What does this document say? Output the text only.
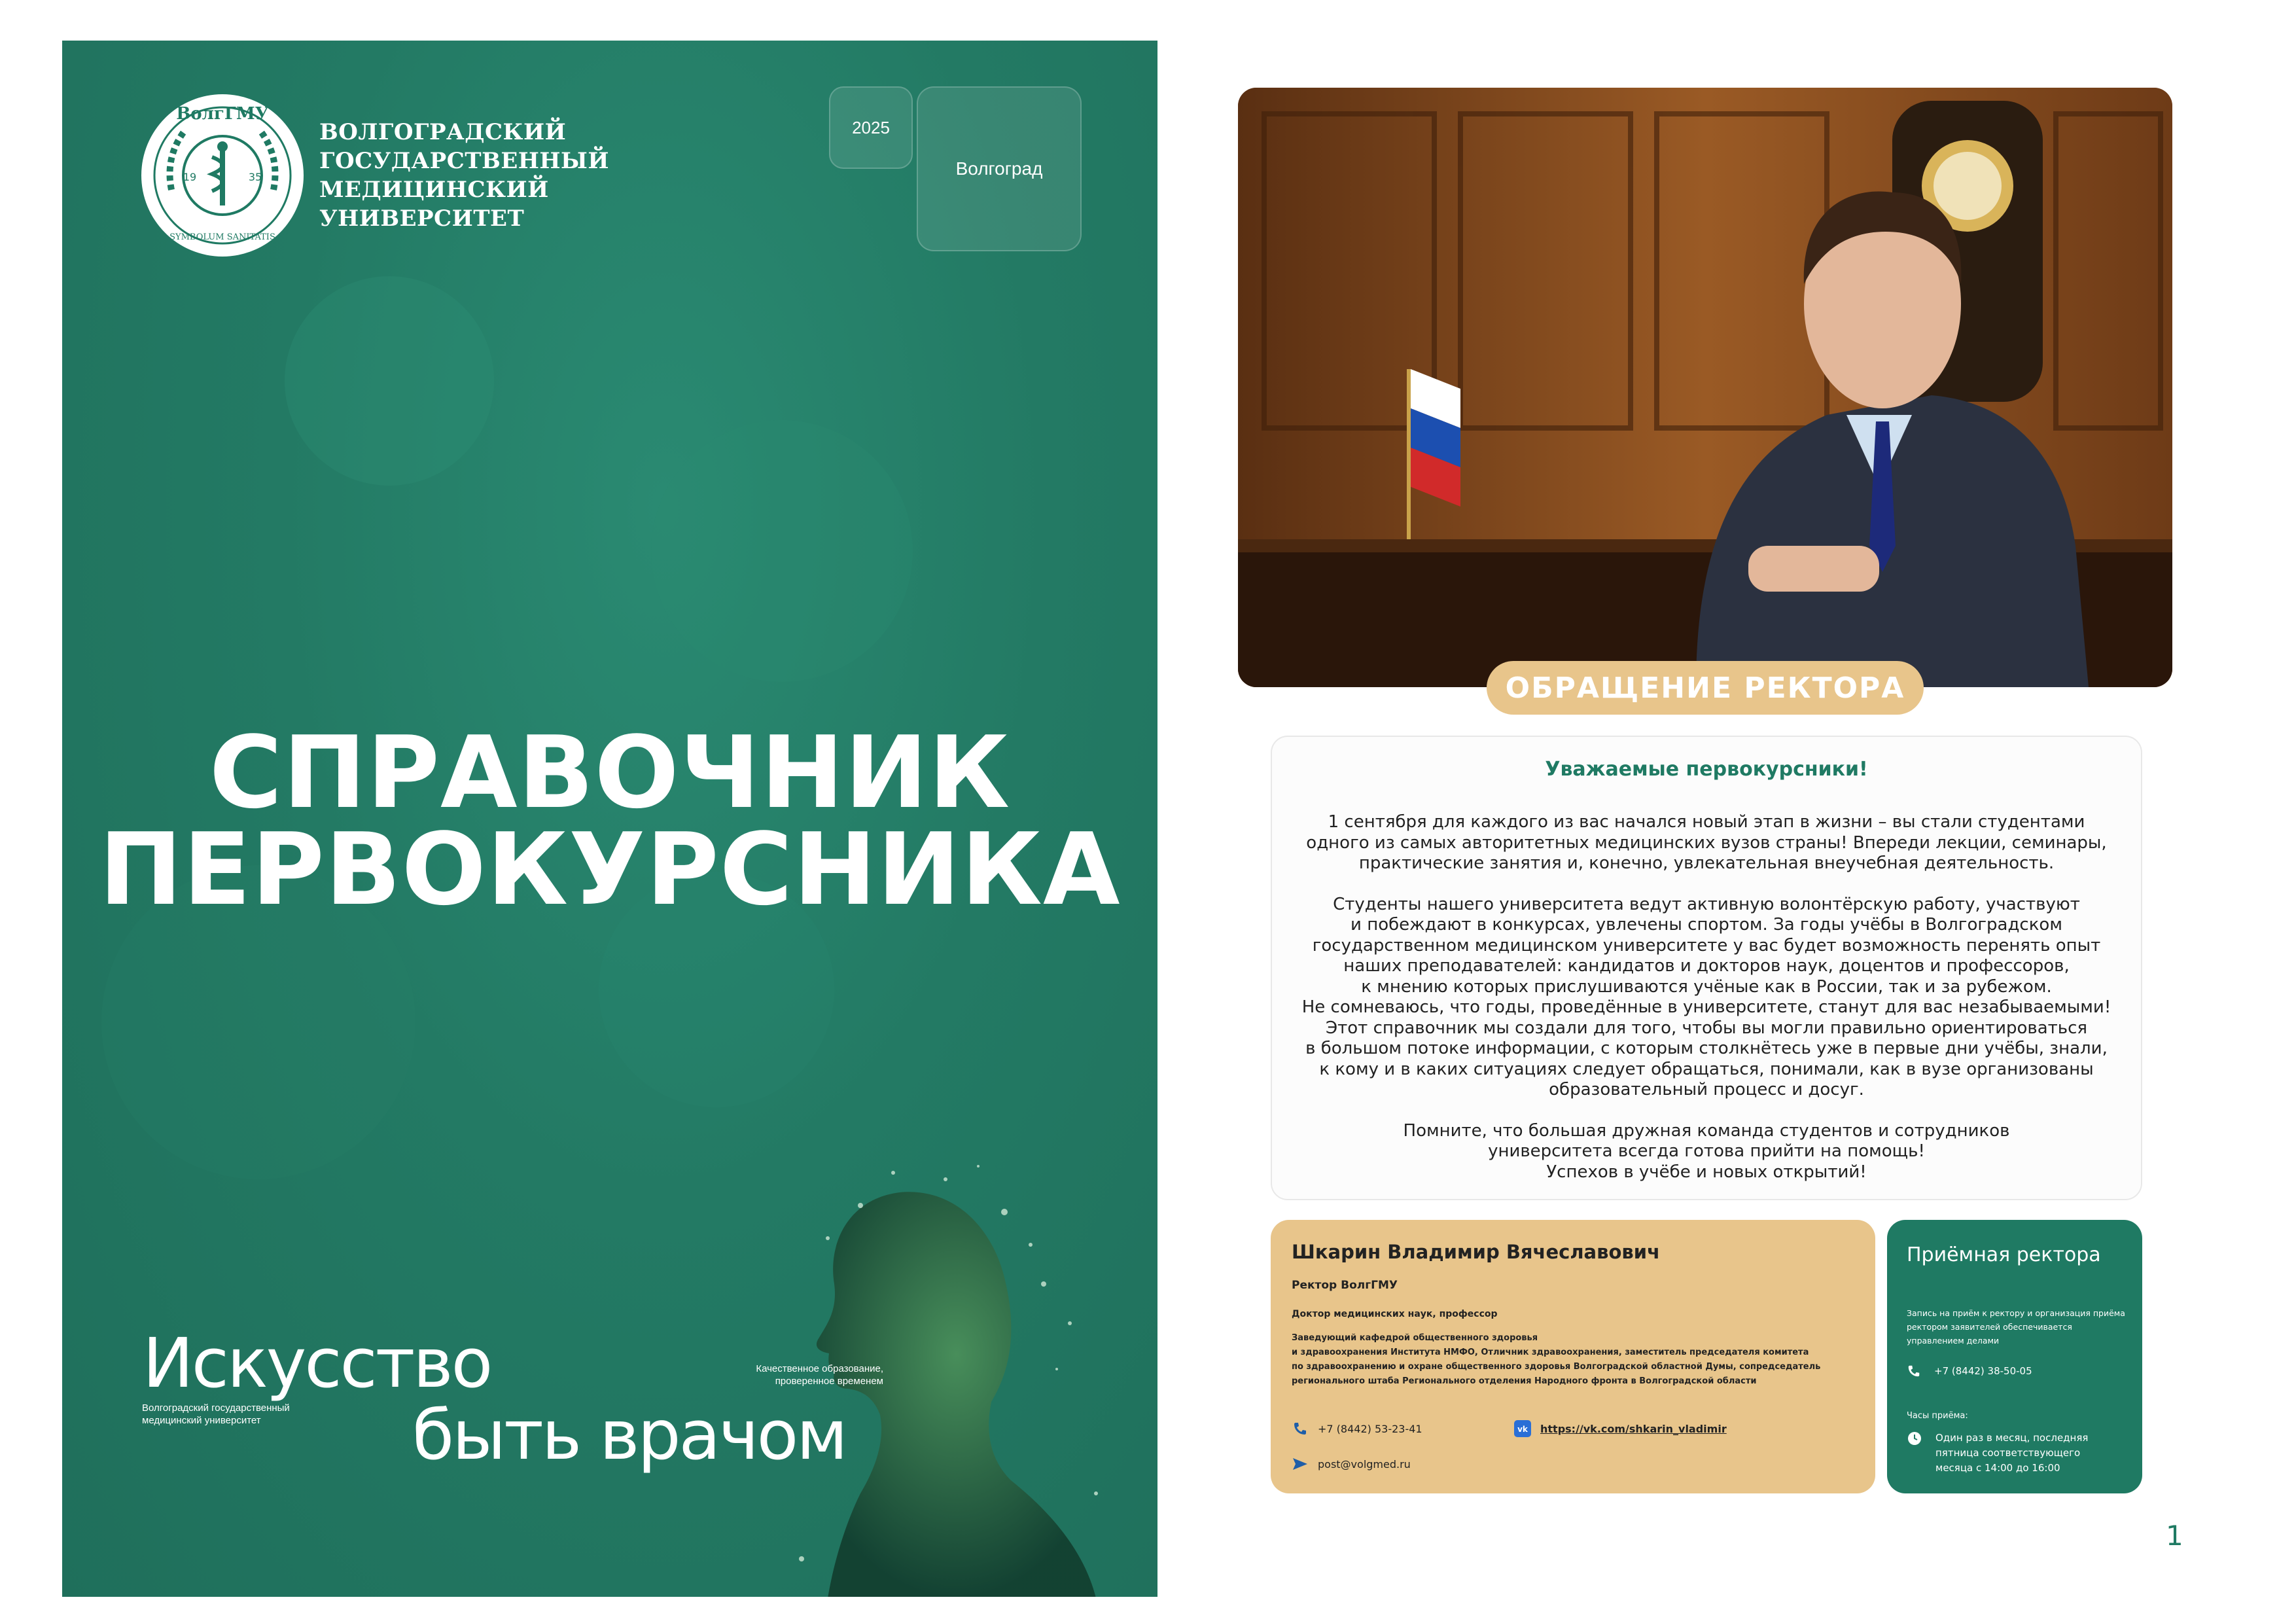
ВолгГМУ
19	35
SYMBOLUM SANITATIS
ВОЛГОГРАДСКИЙ
ГОСУДАРСТВЕННЫЙ
МЕДИЦИНСКИЙ
УНИВЕРСИТЕТ
2025
Волгоград
СПРАВОЧНИК
ПЕРВОКУРСНИКА
Искусство
быть врачом
Волгоградский государственный
медицинский университет
Качественное образование,
проверенное временем
ОБРАЩЕНИЕ РЕКТОРА
Уважаемые первокурсники!

1 сентября для каждого из вас начался новый этап в жизни – вы стали студентами
одного из самых авторитетных медицинских вузов страны! Впереди лекции, семинары,
практические занятия и, конечно, увлекательная внеучебная деятельность.

Студенты нашего университета ведут активную волонтёрскую работу, участвуют
и побеждают в конкурсах, увлечены спортом. За годы учёбы в Волгоградском
государственном медицинском университете у вас будет возможность перенять опыт
наших преподавателей: кандидатов и докторов наук, доцентов и профессоров,
к мнению которых прислушиваются учёные как в России, так и за рубежом.
Не сомневаюсь, что годы, проведённые в университете, станут для вас незабываемыми!
Этот справочник мы создали для того, чтобы вы могли правильно ориентироваться
в большом потоке информации, с которым столкнётесь уже в первые дни учёбы, знали,
к кому и в каких ситуациях следует обращаться, понимали, как в вузе организованы
образовательный процесс и досуг.

Помните, что большая дружная команда студентов и сотрудников
университета всегда готова прийти на помощь!
Успехов в учёбе и новых открытий!

Шкарин Владимир Вячеславович
Ректор ВолгГМУ
Доктор медицинских наук, профессор
Заведующий кафедрой общественного здоровья
и здравоохранения Института НМФО, Отличник здравоохранения, заместитель председателя комитета
по здравоохранению и охране общественного здоровья Волгоградской областной Думы, сопредседатель
регионального штаба Регионального отделения Народного фронта в Волгоградской области
+7 (8442) 53-23-41	vk https://vk.com/shkarin_vladimir
post@volgmed.ru
Приёмная ректора
Запись на приём к ректору и организация приёма ректором заявителей обеспечивается управлением делами
+7 (8442) 38-50-05
Часы приёма:
Один раз в месяц, последняя пятница соответствующего месяца с 14:00 до 16:00
1
